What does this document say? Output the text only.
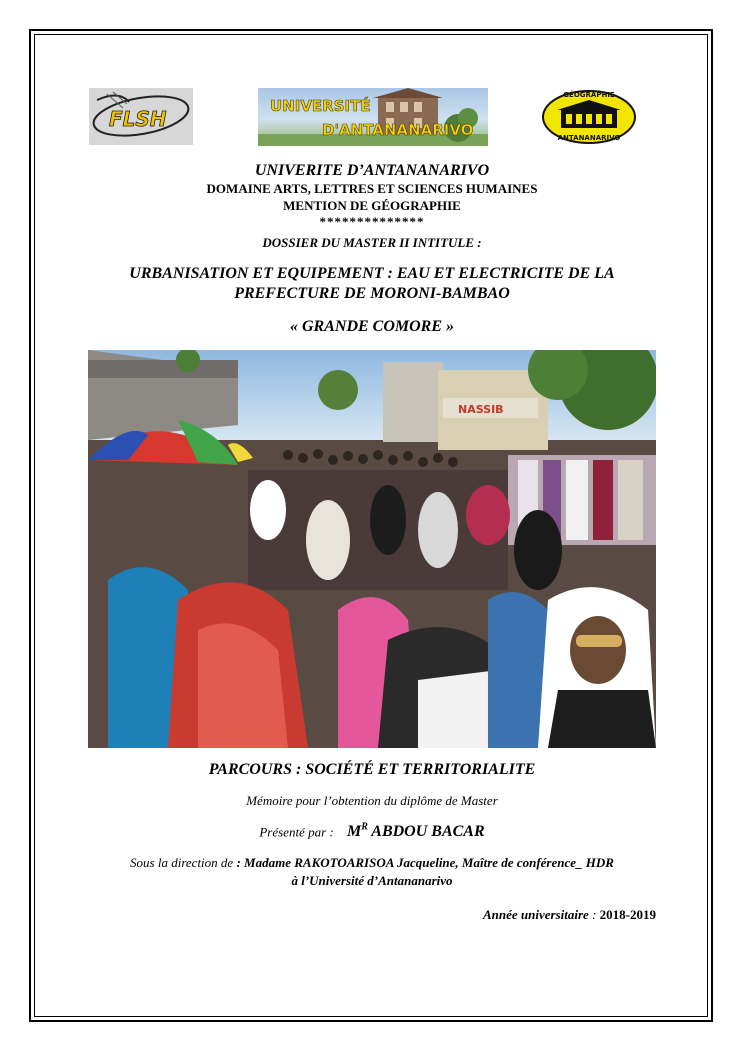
FLSH
UNIVERSITÉ
D'ANTANANARIVO
GÉOGRAPHIE
ANTANANARIVO
UNIVERITE D’ANTANANARIVO
DOMAINE ARTS, LETTRES ET SCIENCES HUMAINES
MENTION DE GÉOGRAPHIE
**************
DOSSIER DU MASTER II INTITULE :
URBANISATION ET EQUIPEMENT : EAU ET ELECTRICITE DE LA
PREFECTURE DE MORONI-BAMBAO
« GRANDE COMORE »
NASSIB
PARCOURS : SOCIÉTÉ ET TERRITORIALITE
Mémoire pour l’obtention du diplôme de Master
Présenté par : $M^R$ ABDOU BACAR
Sous la direction de : Madame RAKOTOARISOA Jacqueline, Maître de conférence_ HDR
à l’Université d’Antananarivo
Année universitaire : 2018-2019
